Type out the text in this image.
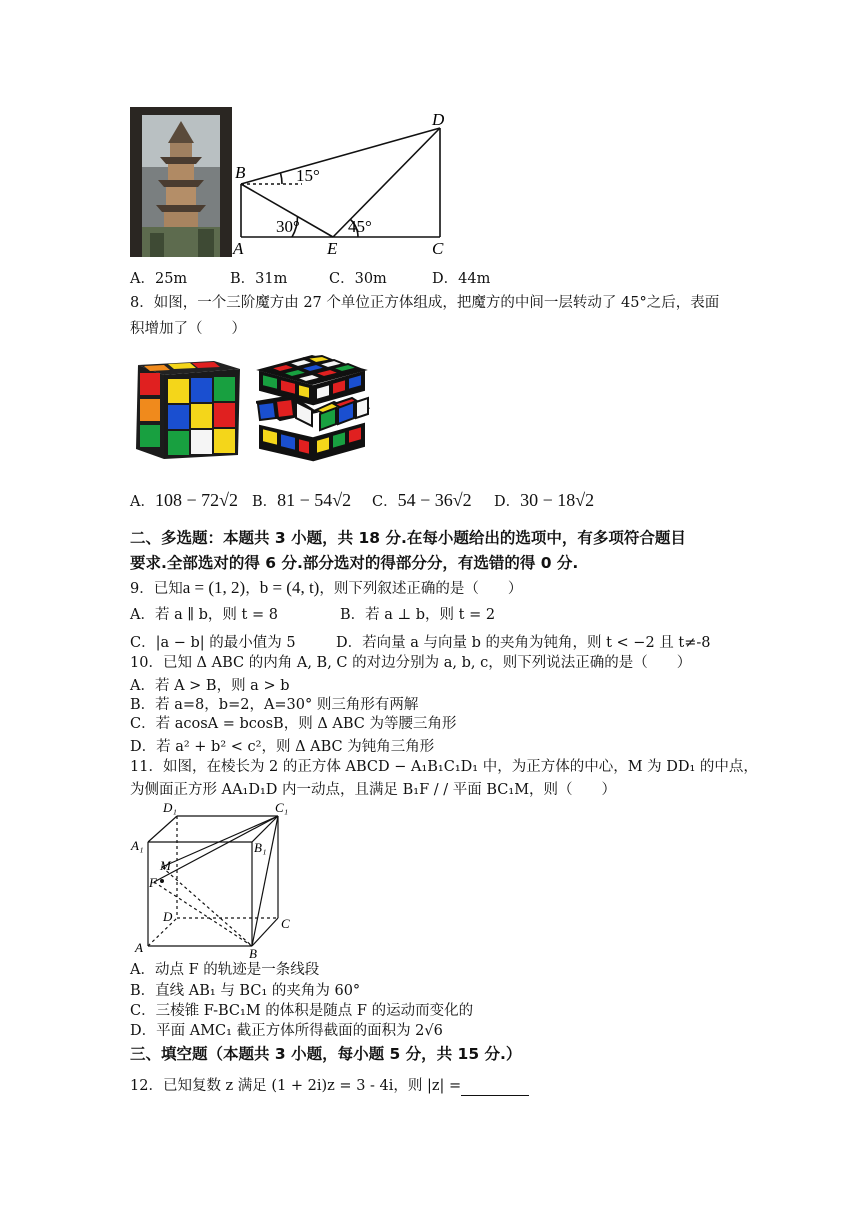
A
B
C
D
E
15°
30°	45°
A．25m	B．31m	C．30m	D．44m
8．如图，一个三阶魔方由 27 个单位正方体组成，把魔方的中间一层转动了 45°之后，表面
积增加了（　　）
A．108 − 72√2 B．81 − 54√2 C．54 − 36√2 D．30 − 18√2
二、多选题：本题共 3 小题，共 18 分.在每小题给出的选项中，有多项符合题目
要求.全部选对的得 6 分.部分选对的得部分分，有选错的得 0 分.
9．已知a = (1, 2)，b = (4, t)，则下列叙述正确的是（　　）
A．若 a ∥ b，则 t = 8	B．若 a ⊥ b，则 t = 2
C．|a − b| 的最小值为 5	D．若向量 a 与向量 b 的夹角为钝角，则 t < −2 且 t≠-8
10．已知 Δ ABC 的内角 A, B, C 的对边分别为 a, b, c，则下列说法正确的是（　　）
A．若 A > B，则 a > b
B．若 a=8，b=2，A=30° 则三角形有两解
C．若 acosA = bcosB，则 Δ ABC 为等腰三角形
D．若 a² + b² < c²，则 Δ ABC 为钝角三角形
11．如图，在棱长为 2 的正方体 ABCD − A₁B₁C₁D₁ 中，为正方体的中心，M 为 DD₁ 的中点，
为侧面正方形 AA₁D₁D 内一动点，且满足 B₁F / / 平面 BC₁M，则（　　）
D₁	C₁
A₁	B₁
M
F
D	C
A	B
A．动点 F 的轨迹是一条线段
B．直线 AB₁ 与 BC₁ 的夹角为 60°
C．三棱锥 F-BC₁M 的体积是随点 F 的运动而变化的
D．平面 AMC₁ 截正方体所得截面的面积为 2√6
三、填空题（本题共 3 小题，每小题 5 分，共 15 分.）
12．已知复数 z 满足 (1 + 2i)z = 3 - 4i，则 |z| =
